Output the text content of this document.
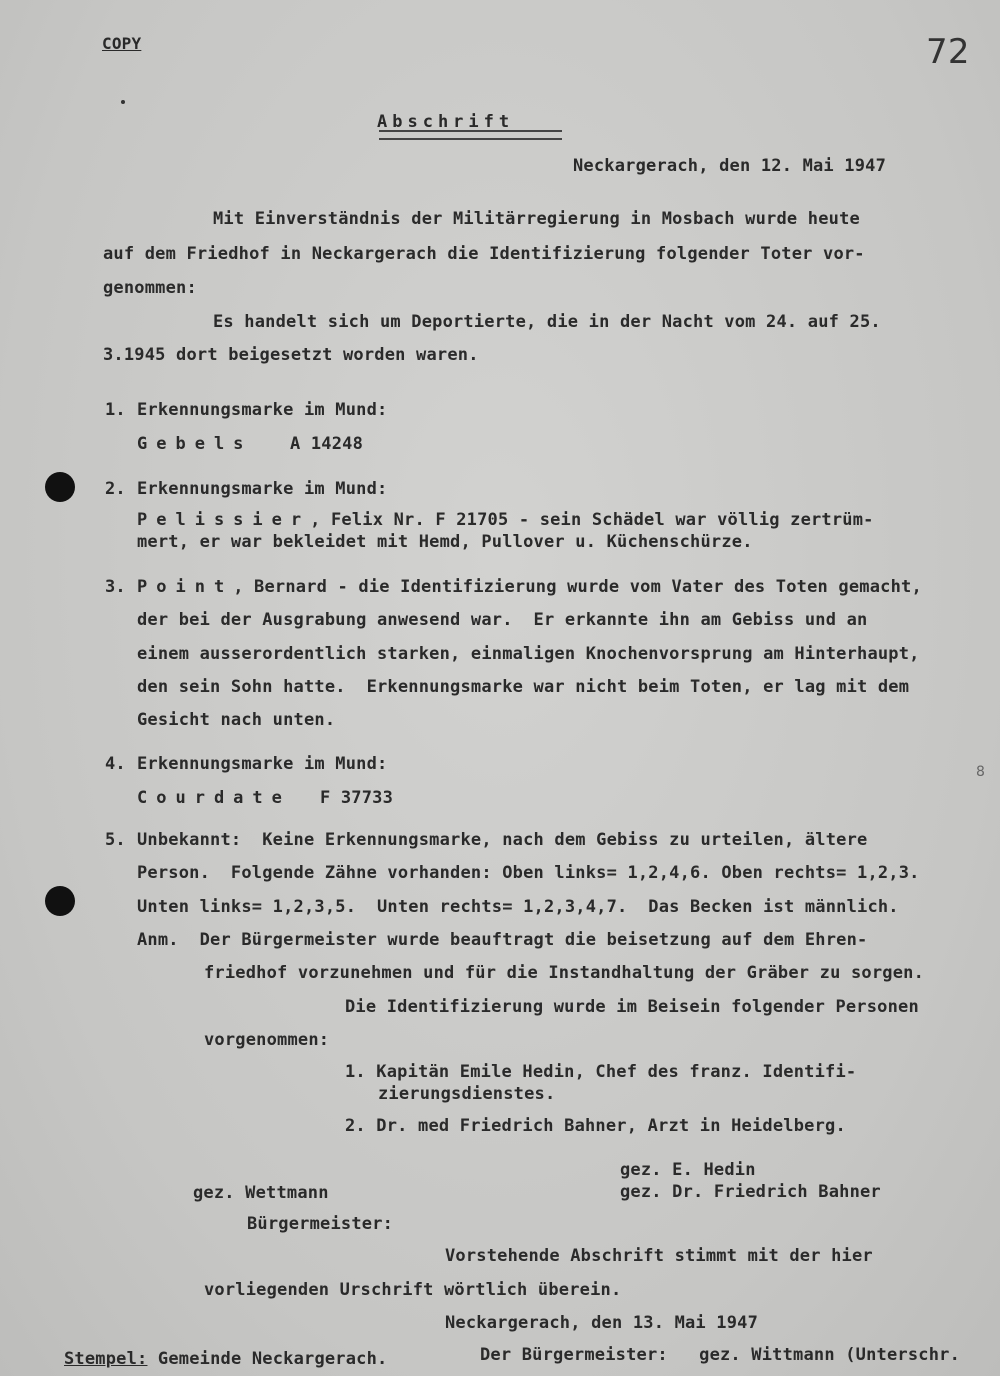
COPY	72
Abschrift
Neckargerach, den 12. Mai 1947
Mit Einverständnis der Militärregierung in Mosbach wurde heute
auf dem Friedhof in Neckargerach die Identifizierung folgender Toter vor-
genommen:
Es handelt sich um Deportierte, die in der Nacht vom 24. auf 25.
3.1945 dort beigesetzt worden waren.
1. Erkennungsmarke im Mund:
Gebels A 14248
2. Erkennungsmarke im Mund:
Pelissier, Felix Nr. F 21705 - sein Schädel war völlig zertrüm-
mert, er war bekleidet mit Hemd, Pullover u. Küchenschürze.
3. Point, Bernard - die Identifizierung wurde vom Vater des Toten gemacht,
der bei der Ausgrabung anwesend war.  Er erkannte ihn am Gebiss und an
einem ausserordentlich starken, einmaligen Knochenvorsprung am Hinterhaupt,
den sein Sohn hatte.  Erkennungsmarke war nicht beim Toten, er lag mit dem
Gesicht nach unten.
4. Erkennungsmarke im Mund:
Courdate F 37733
8
5. Unbekannt:  Keine Erkennungsmarke, nach dem Gebiss zu urteilen, ältere
Person.  Folgende Zähne vorhanden: Oben links= 1,2,4,6. Oben rechts= 1,2,3.
Unten links= 1,2,3,5.  Unten rechts= 1,2,3,4,7.  Das Becken ist männlich.
Anm.  Der Bürgermeister wurde beauftragt die beisetzung auf dem Ehren-
friedhof vorzunehmen und für die Instandhaltung der Gräber zu sorgen.
Die Identifizierung wurde im Beisein folgender Personen
vorgenommen:
1. Kapitän Emile Hedin, Chef des franz. Identifi-
zierungsdienstes.
2. Dr. med Friedrich Bahner, Arzt in Heidelberg.
gez. E. Hedin
gez. Wettmann	gez. Dr. Friedrich Bahner
Bürgermeister:
Vorstehende Abschrift stimmt mit der hier
vorliegenden Urschrift wörtlich überein.
Neckargerach, den 13. Mai 1947
Stempel: Gemeinde Neckargerach.	Der Bürgermeister:   gez. Wittmann (Unterschr.
